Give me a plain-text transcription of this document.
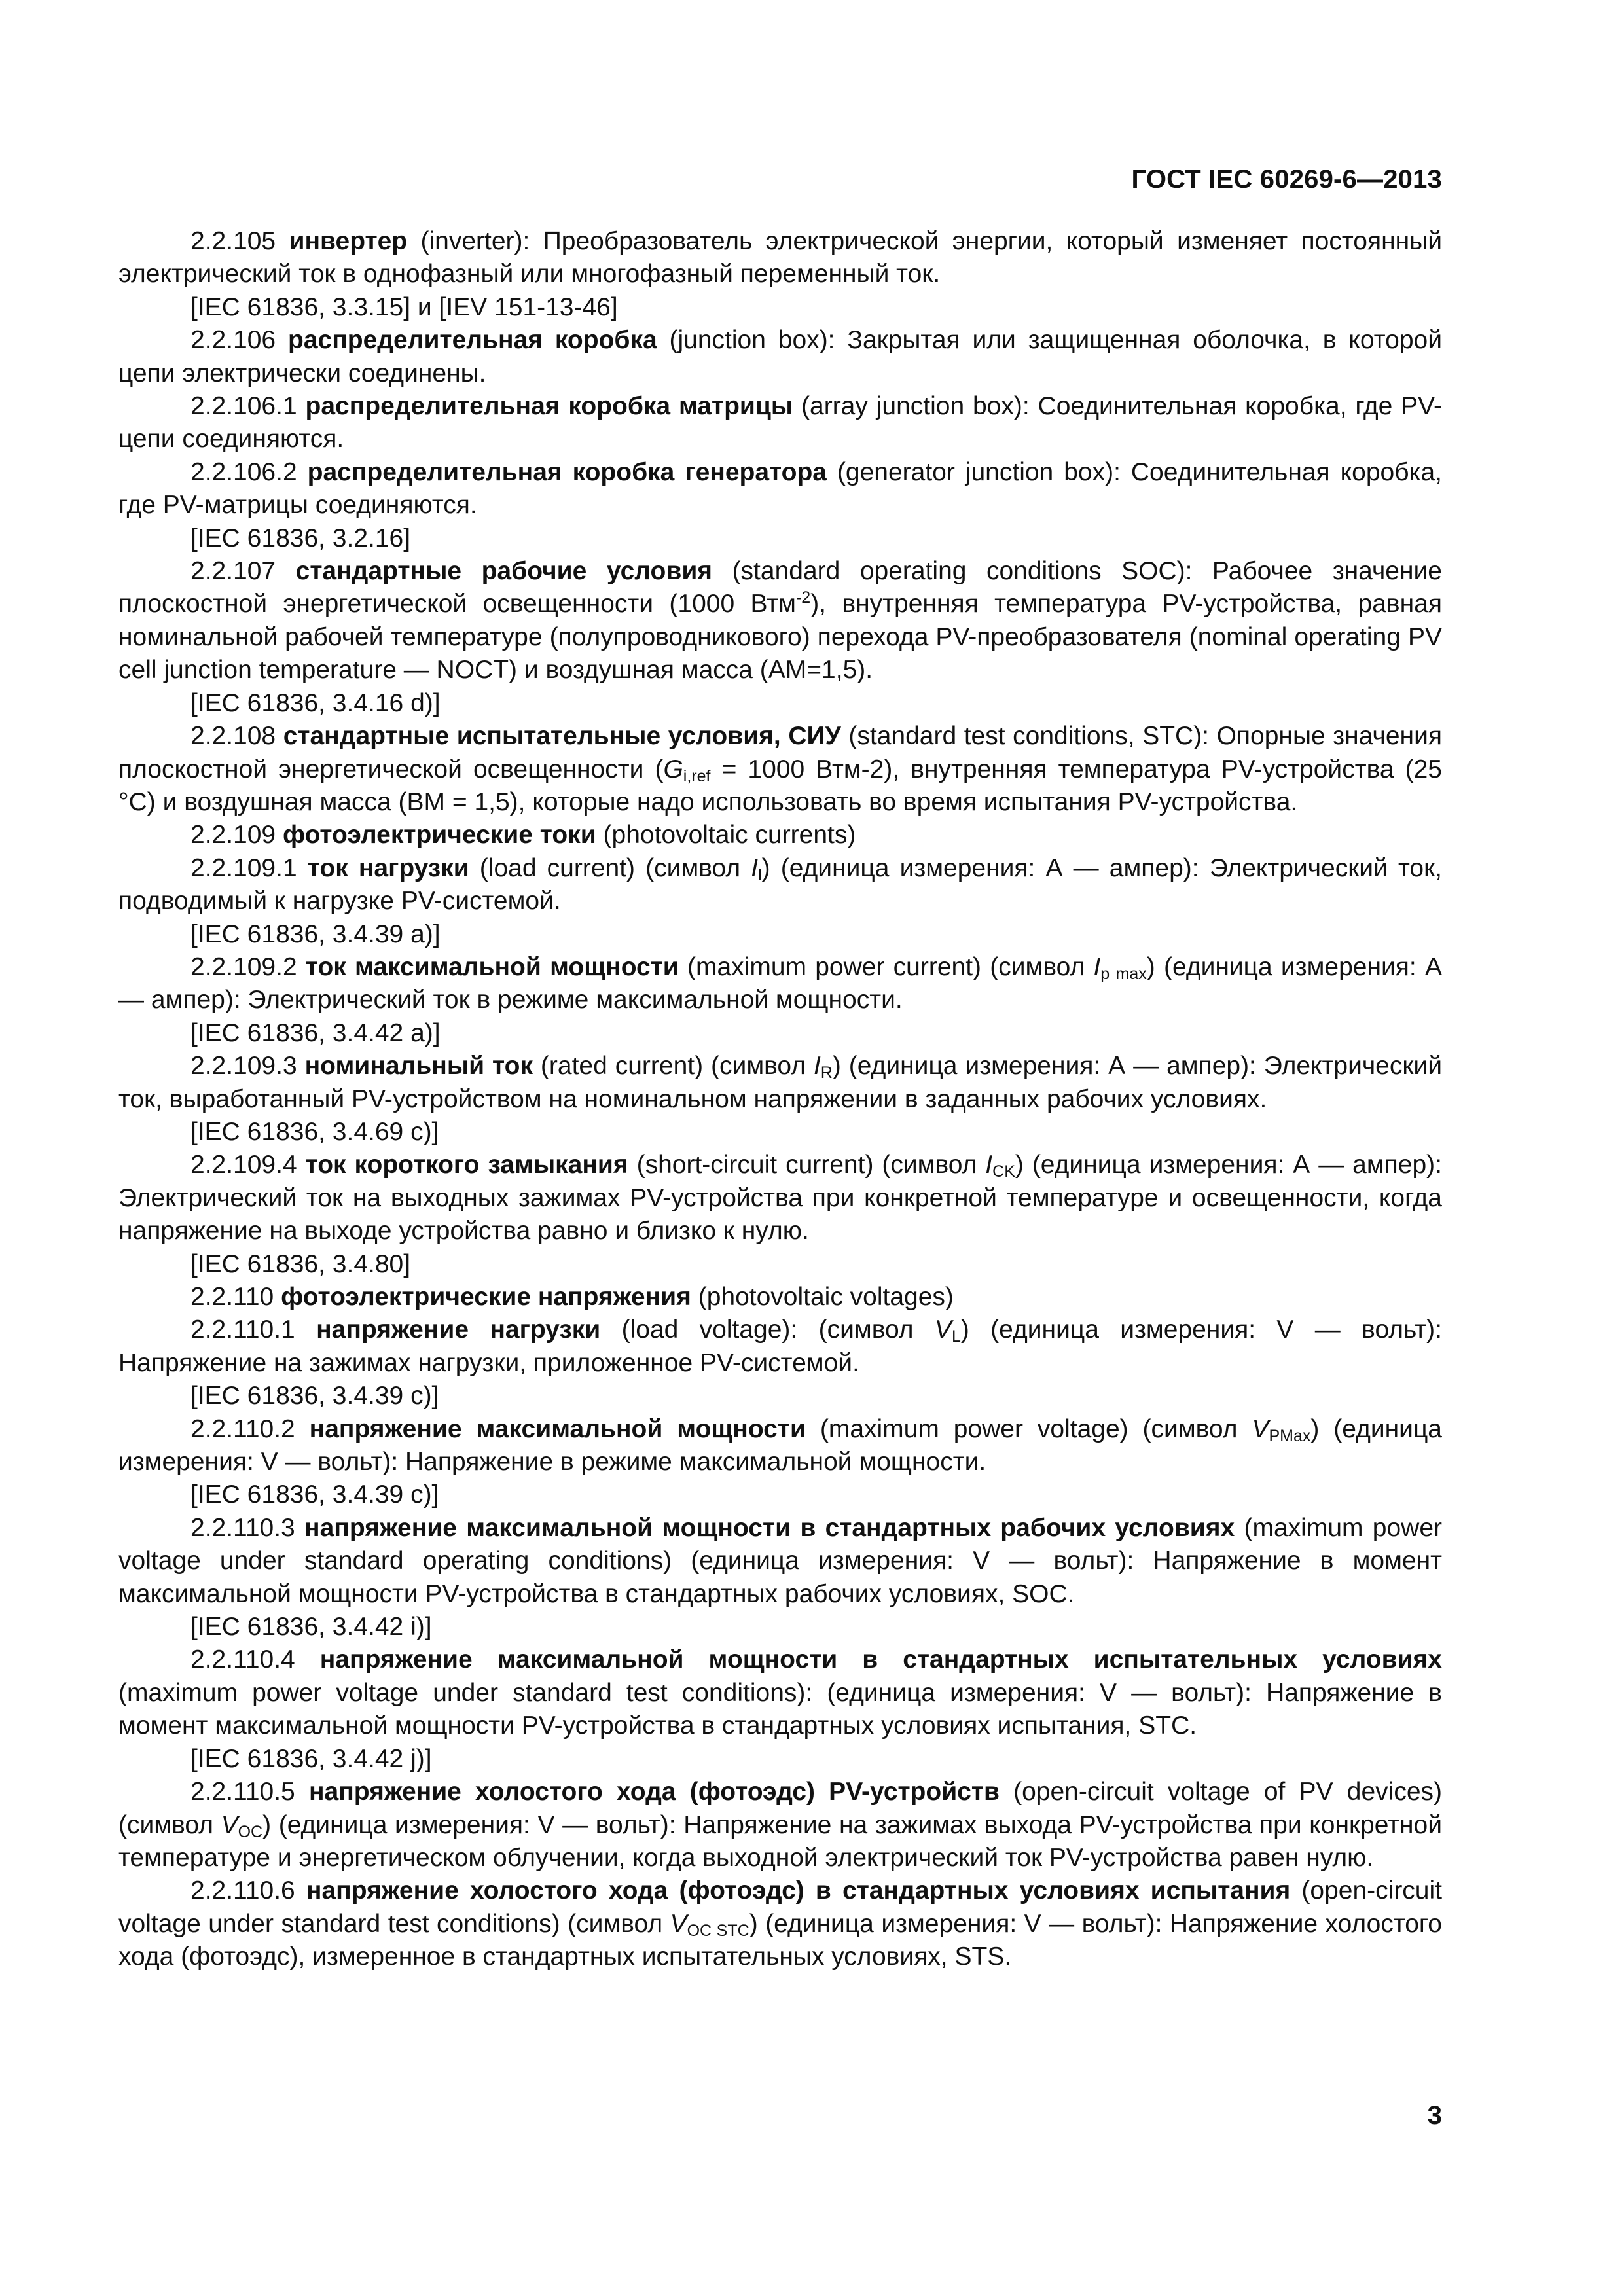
ГОСТ IEC 60269-6—2013

2.2.105 инвертер (inverter): Преобразователь электрической энергии, который изменяет постоянный электрический ток в однофазный или многофазный переменный ток.

[IEC 61836, 3.3.15] и [IEV 151-13-46]

2.2.106 распределительная коробка (junction box): Закрытая или защищенная оболочка, в которой цепи электрически соединены.

2.2.106.1 распределительная коробка матрицы (array junction box): Соединительная коробка, где PV-цепи соединяются.

2.2.106.2 распределительная коробка генератора (generator junction box): Соединительная коробка, где PV-матрицы соединяются.

[IEC 61836, 3.2.16]

2.2.107 стандартные рабочие условия (standard operating conditions SOC): Рабочее значение плоскостной энергетической освещенности (1000 Втм$^{-2}$), внутренняя температура PV-устройства, равная номинальной рабочей температуре (полупроводникового) перехода PV-преобразователя (nominal operating PV cell junction temperature — NOCT) и воздушная масса (АМ=1,5).

[IEC 61836, 3.4.16 d)]

2.2.108 стандартные испытательные условия, СИУ (standard test conditions, STC): Опорные значения плоскостной энергетической освещенности ($G_{i,ref} = 1000$ Втм-2), внутренняя температура PV-устройства (25 °С) и воздушная масса (ВМ = 1,5), которые надо использовать во время испытания PV-устройства.

2.2.109 фотоэлектрические токи (photovoltaic currents)

2.2.109.1 ток нагрузки (load current) (символ $I_l$) (единица измерения: А — ампер): Электрический ток, подводимый к нагрузке PV-системой.

[IEC 61836, 3.4.39 а)]

2.2.109.2 ток максимальной мощности (maximum power current) (символ $I_{p max}$) (единица измерения: А — ампер): Электрический ток в режиме максимальной мощности.

[IEC 61836, 3.4.42 а)]

2.2.109.3 номинальный ток (rated current) (символ $I_R$) (единица измерения: А — ампер): Электрический ток, выработанный PV-устройством на номинальном напряжении в заданных рабочих условиях.

[IEC 61836, 3.4.69 с)]

2.2.109.4 ток короткого замыкания (short-circuit current) (символ $I_{CK}$) (единица измерения: А — ампер): Электрический ток на выходных зажимах PV-устройства при конкретной температуре и освещенности, когда напряжение на выходе устройства равно и близко к нулю.

[IEC 61836, 3.4.80]

2.2.110 фотоэлектрические напряжения (photovoltaic voltages)

2.2.110.1 напряжение нагрузки (load voltage): (символ $V_L$) (единица измерения: V — вольт): Напряжение на зажимах нагрузки, приложенное PV-системой.

[IEC 61836, 3.4.39 с)]

2.2.110.2 напряжение максимальной мощности (maximum power voltage) (символ $V_{PMax}$) (единица измерения: V — вольт): Напряжение в режиме максимальной мощности.

[IEC 61836, 3.4.39 с)]

2.2.110.3 напряжение максимальной мощности в стандартных рабочих условиях (maximum power voltage under standard operating conditions) (единица измерения: V — вольт): Напряжение в момент максимальной мощности PV-устройства в стандартных рабочих условиях, SOC.

[IEC 61836, 3.4.42 i)]

2.2.110.4 напряжение максимальной мощности в стандартных испытательных условиях (maximum power voltage under standard test conditions): (единица измерения: V — вольт): Напряжение в момент максимальной мощности PV-устройства в стандартных условиях испытания, STC.

[IEC 61836, 3.4.42 j)]

2.2.110.5 напряжение холостого хода (фотоэдс) PV-устройств (open-circuit voltage of PV devices) (символ $V_{OC}$) (единица измерения: V — вольт): Напряжение на зажимах выхода PV-устройства при конкретной температуре и энергетическом облучении, когда выходной электрический ток PV-устройства равен нулю.

2.2.110.6 напряжение холостого хода (фотоэдс) в стандартных условиях испытания (open-circuit voltage under standard test conditions) (символ $V_{OC STC}$) (единица измерения: V — вольт): Напряжение холостого хода (фотоэдс), измеренное в стандартных испытательных условиях, STS.

3
